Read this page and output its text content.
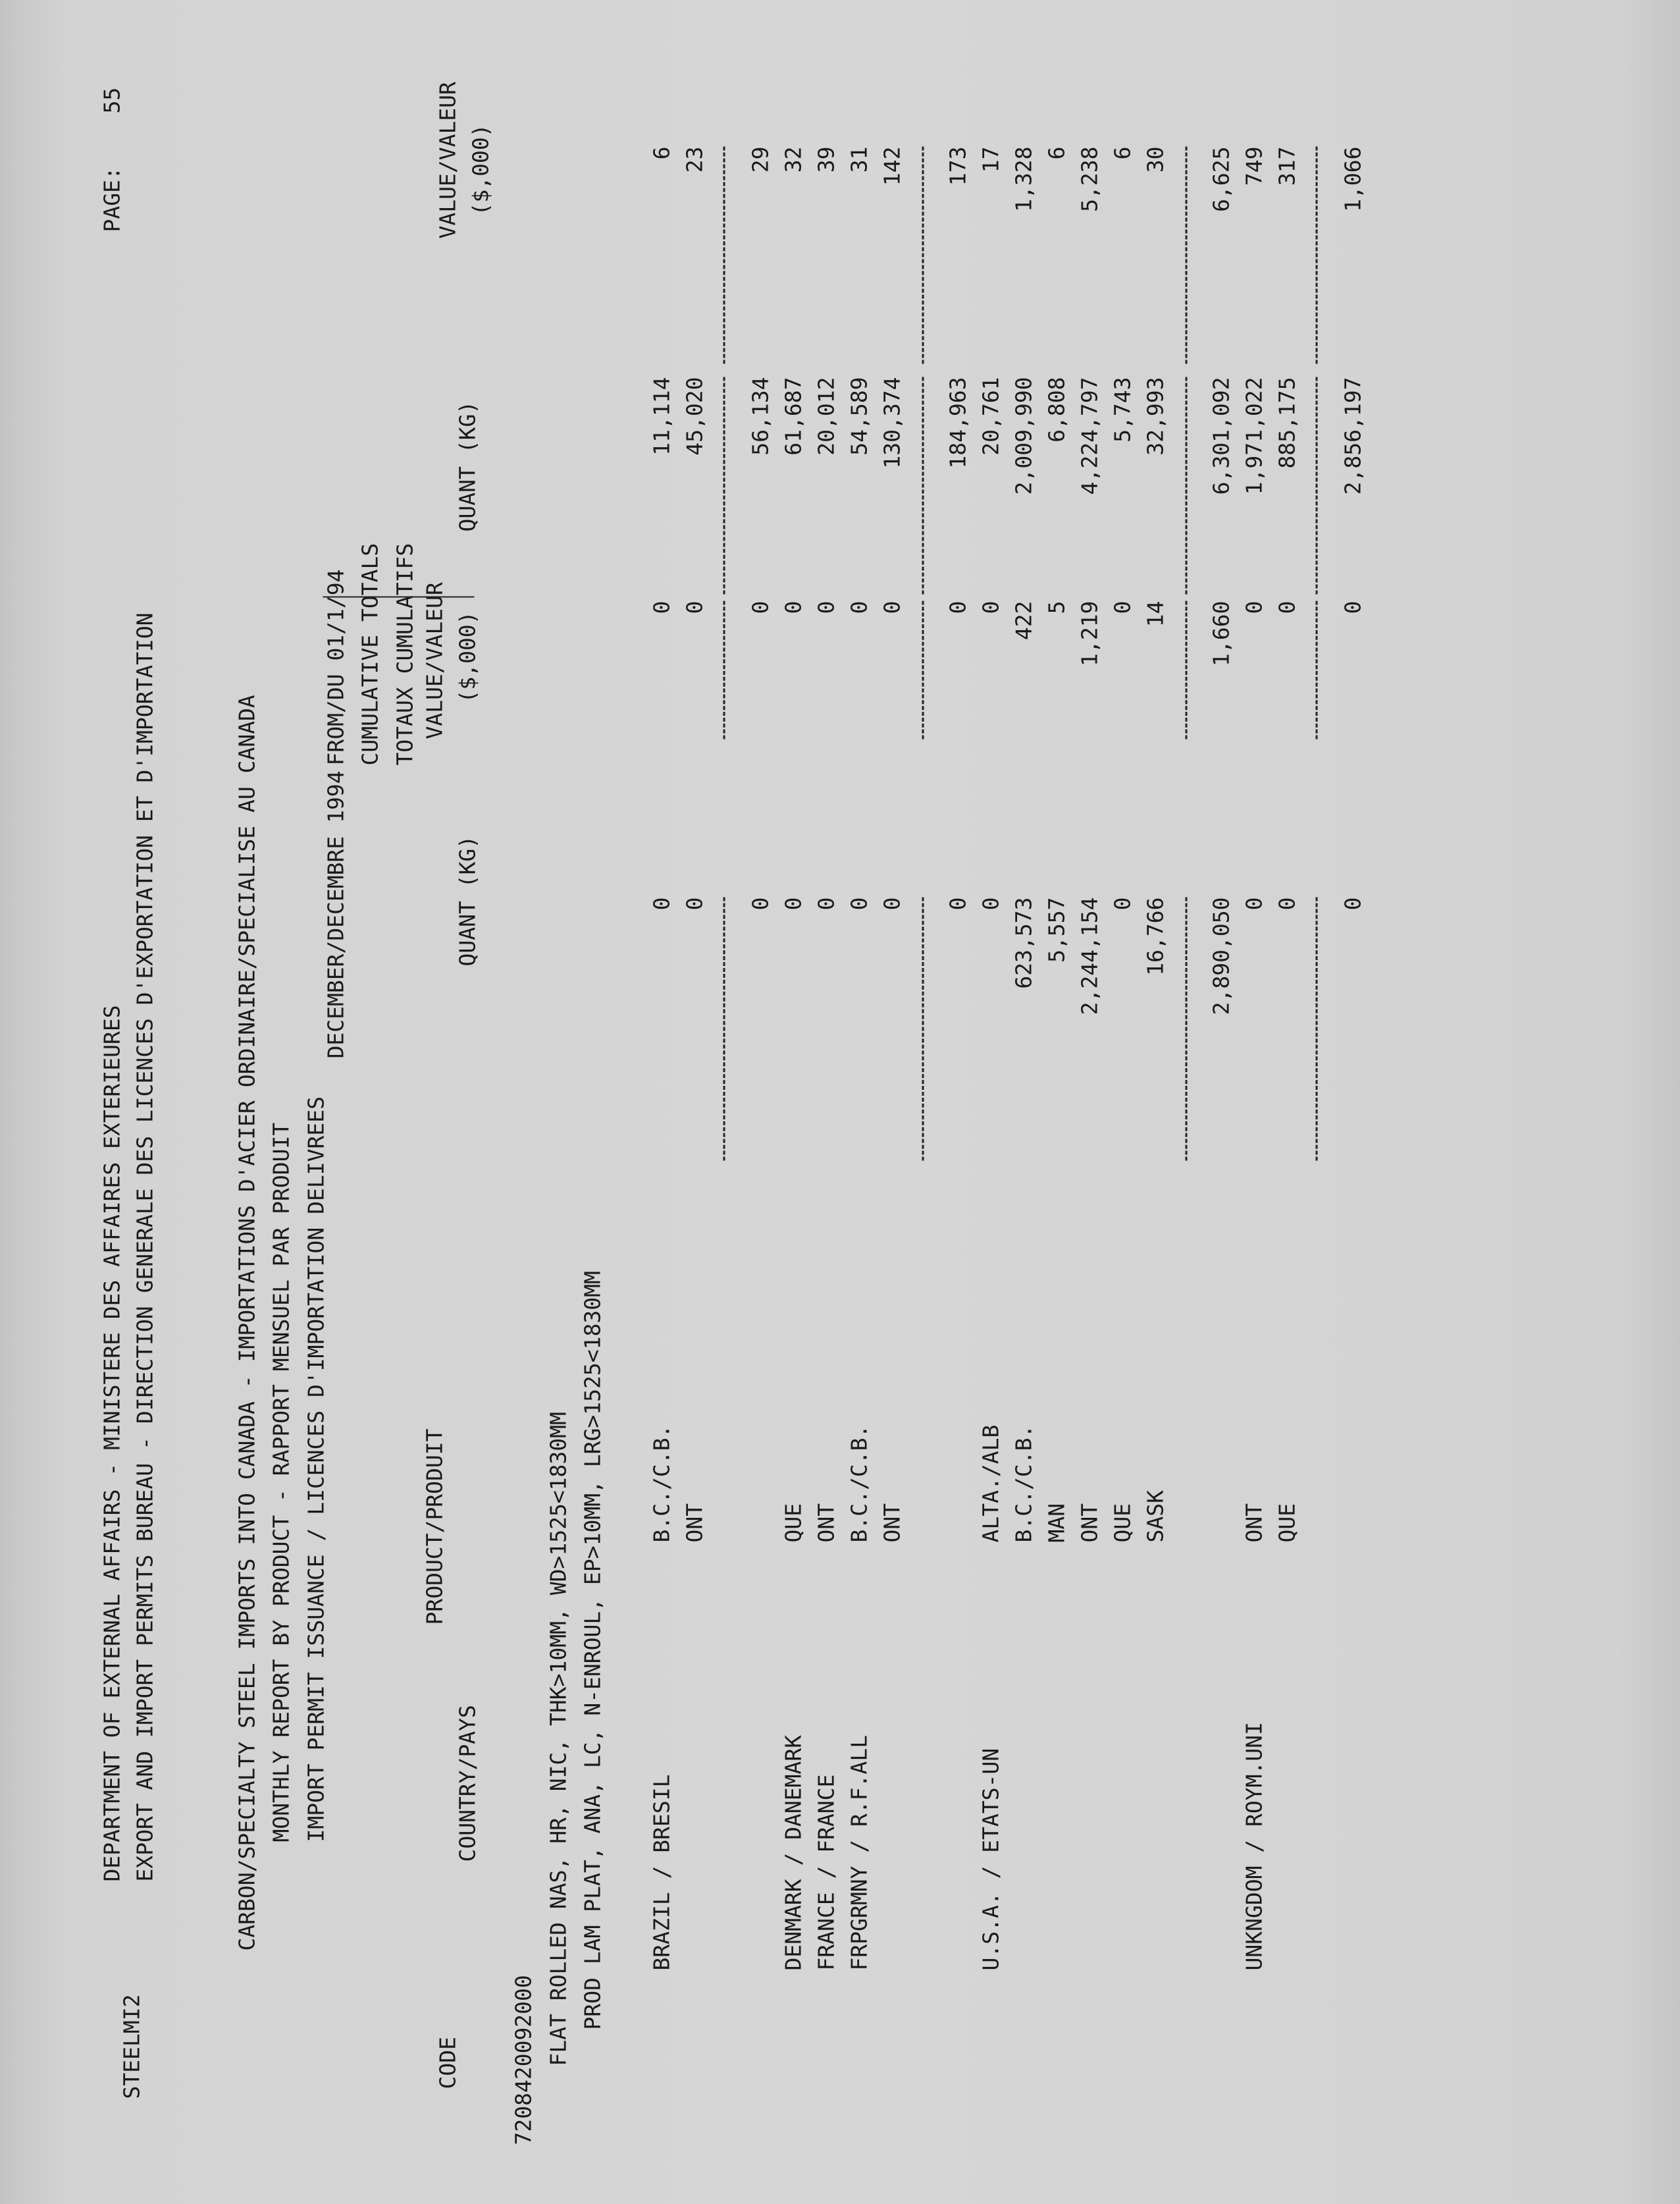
STEELMI2
DEPARTMENT OF EXTERNAL AFFAIRS - MINISTERE DES AFFAIRES EXTERIEURES
PAGE:
55
EXPORT AND IMPORT PERMITS BUREAU - DIRECTION GENERALE DES LICENCES D'EXPORTATION ET D'IMPORTATION	CARBON/SPECIALTY STEEL IMPORTS INTO CANADA - IMPORTATIONS D'ACIER ORDINAIRE/SPECIALISE AU CANADA MONTHLY REPORT BY PRODUCT - RAPPORT MENSUEL PAR PRODUIT IMPORT PERMIT ISSUANCE / LICENCES D'IMPORTATION DELIVREES
DECEMBER/DECEMBRE 1994
FROM/DU 01/1/94 CUMULATIVE TOTALS TOTAUX CUMULATIFS
CODE
PRODUCT/PRODUIT
COUNTRY/PAYS
QUANT (KG)
VALUE/VALEUR ($,000)
QUANT (KG)
VALUE/VALEUR ($,000)
7208420092000 FLAT ROLLED NAS, HR, NIC, THK>10MM, WD>1525<1830MM PROD LAM PLAT, ANA, LC, N-ENROUL, EP>10MM, LRG>1525<1830MM	BRAZIL / BRESIL
B.C./C.B.
0
0
11,114
6
ONT
0
0
45,020
23
0
0
56,134
29
DENMARK / DANEMARK
QUE
0
0
61,687
32
FRANCE / FRANCE
ONT
0
0
20,012
39
FRPGRMNY / R.F.ALL
B.C./C.B.
0
0
54,589
31
ONT
0
0
130,374
142
0
0
184,963
173
U.S.A. / ETATS-UN
ALTA./ALB
0
0
20,761
17
B.C./C.B.
623,573
422
2,009,990
1,328
MAN
5,557
5
6,808
6
ONT
2,244,154
1,219
4,224,797
5,238
QUE
0
0
5,743
6
SASK
16,766
14
32,993
30
2,890,050
1,660
6,301,092
6,625
UNKNGDOM / ROYM.UNI
ONT
0
0
1,971,022
749
QUE
0
0
885,175
317
0
0
2,856,197
1,066
